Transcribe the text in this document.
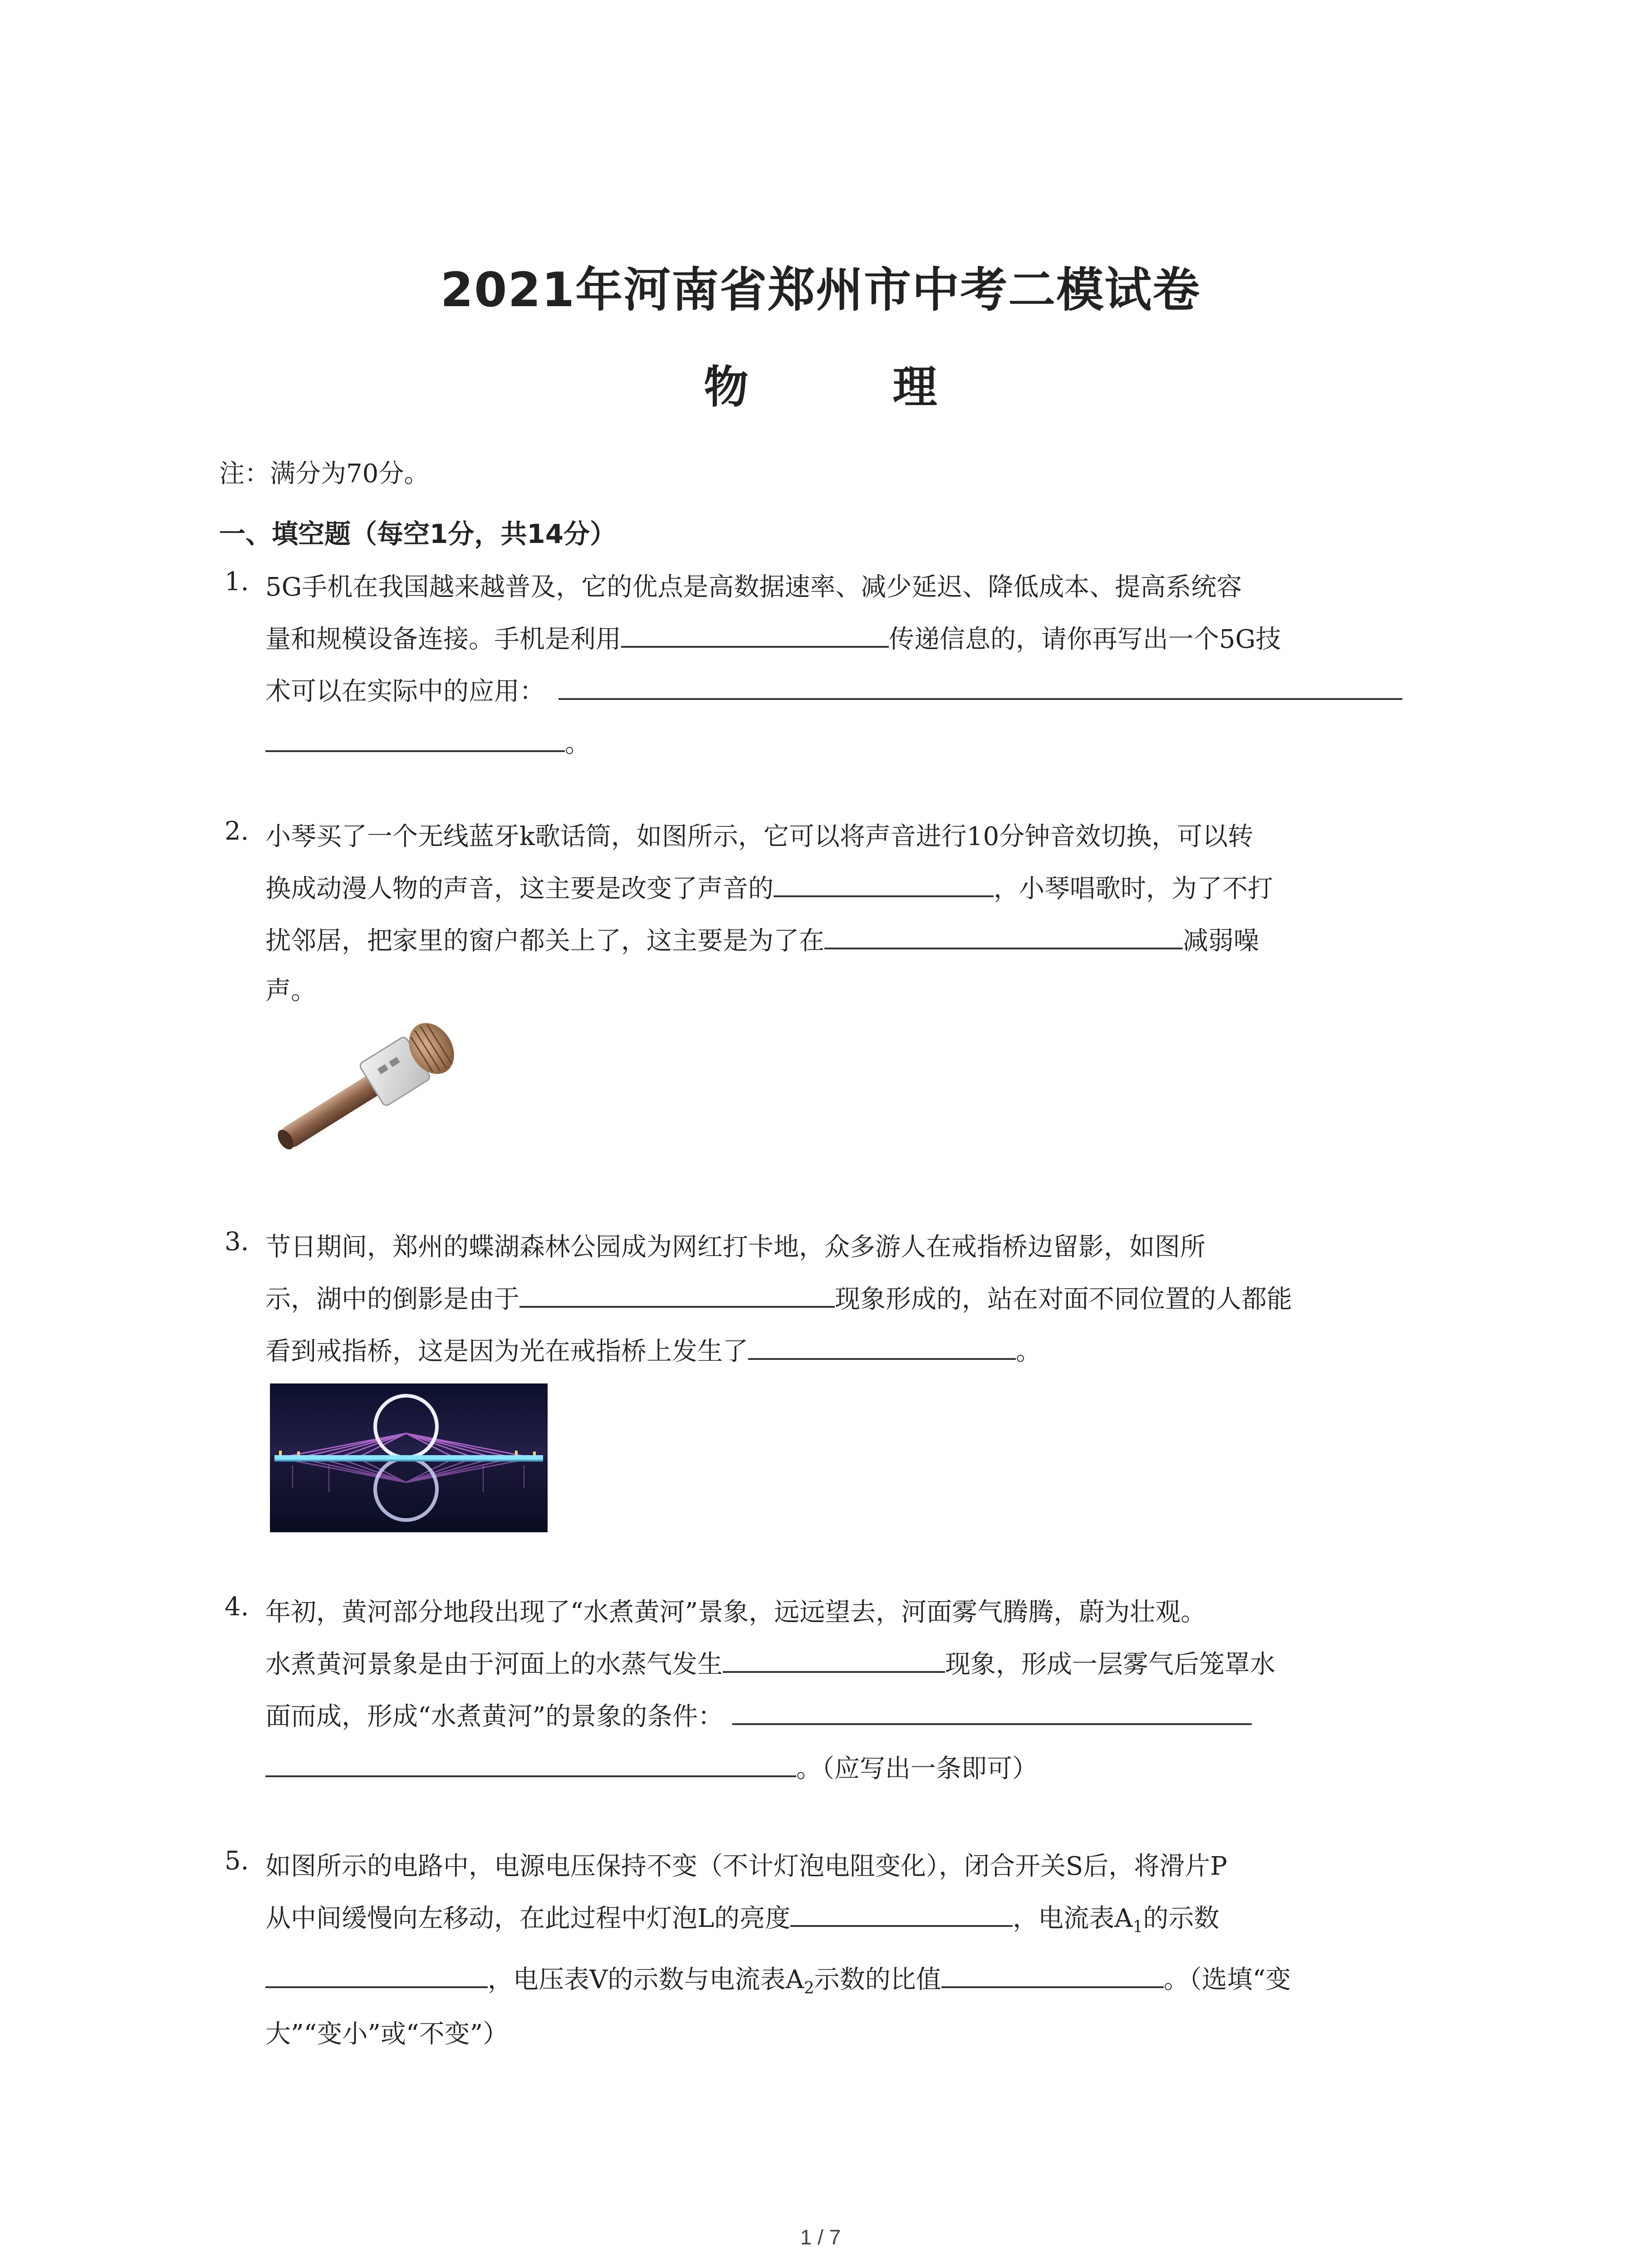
2021年河南省郑州市中考二模试卷
物　理
注：满分为70分。
一、填空题（每空1分，共14分）
1. 5G手机在我国越来越普及，它的优点是高数据速率、减少延迟、降低成本、提高系统容
量和规模设备连接。手机是利用	传递信息的，请你再写出一个5G技
术可以在实际中的应用：
。
2. 小琴买了一个无线蓝牙k歌话筒，如图所示，它可以将声音进行10分钟音效切换，可以转
换成动漫人物的声音，这主要是改变了声音的	，小琴唱歌时，为了不打
扰邻居，把家里的窗户都关上了，这主要是为了在	减弱噪
声。
3. 节日期间，郑州的蝶湖森林公园成为网红打卡地，众多游人在戒指桥边留影，如图所
示，湖中的倒影是由于	现象形成的，站在对面不同位置的人都能
看到戒指桥，这是因为光在戒指桥上发生了	。
4. 年初，黄河部分地段出现了“水煮黄河”景象，远远望去，河面雾气腾腾，蔚为壮观。
水煮黄河景象是由于河面上的水蒸气发生	现象，形成一层雾气后笼罩水
面而成，形成“水煮黄河”的景象的条件：
。（应写出一条即可）
5. 如图所示的电路中，电源电压保持不变（不计灯泡电阻变化），闭合开关S后，将滑片P
从中间缓慢向左移动，在此过程中灯泡L的亮度	，电流表$A_1$的示数
，电压表V的示数与电流表$A_2$示数的比值	。（选填“变
大”“变小”或“不变”）
1 / 7
